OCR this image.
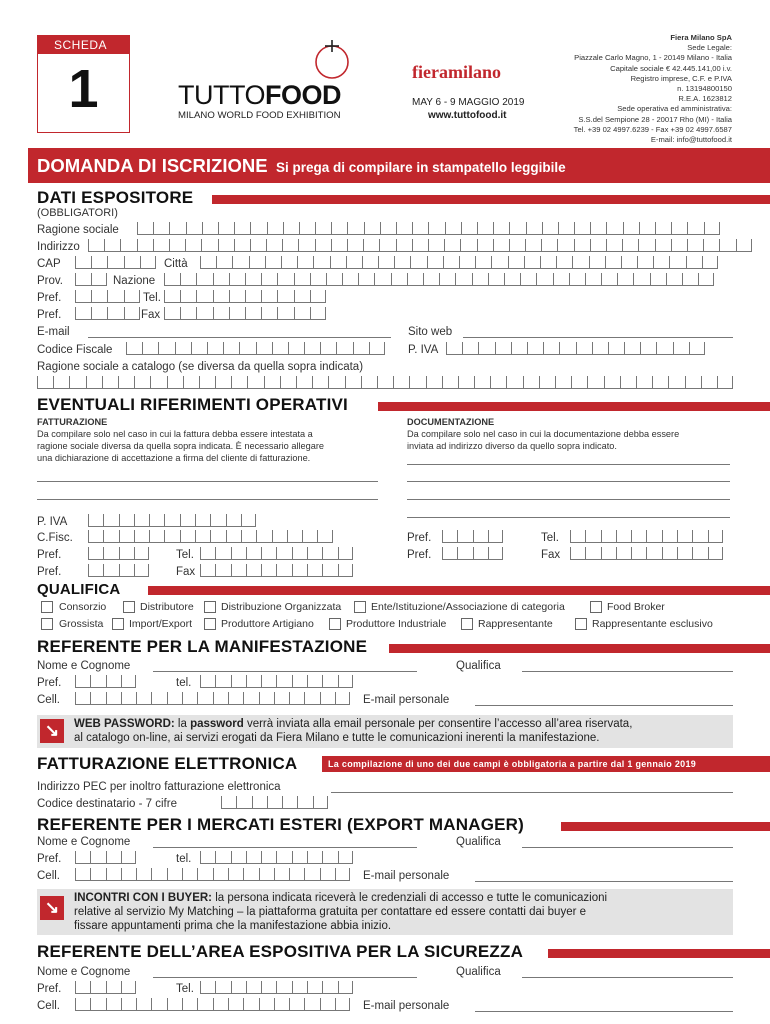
SCHEDA
1	TUTTOFOOD
MILANO WORLD FOOD EXHIBITION
fieramilano
MAY 6 - 9 MAGGIO 2019
www.tuttofood.it
Fiera Milano SpA
Sede Legale:
Piazzale Carlo Magno, 1 - 20149 Milano - Italia
Capitale sociale € 42.445.141,00 i.v.
Registro imprese, C.F. e P.IVA
n. 13194800150
R.E.A. 1623812
Sede operativa ed amministrativa:
S.S.del Sempione 28 - 20017 Rho (MI) - Italia
Tel. +39 02 4997.6239 - Fax +39 02 4997.6587
E-mail: info@tuttofood.it
DOMANDA DI ISCRIZIONE Si prega di compilare in stampatello leggibile
DATI ESPOSITORE
(OBBLIGATORI)
Ragione sociale
Indirizzo
CAP	Città
Prov.	Nazione
Pref.	Tel.
Pref.	Fax
E-mail	Sito web
Codice Fiscale	P. IVA
Ragione sociale a catalogo (se diversa da quella sopra indicata)
EVENTUALI RIFERIMENTI OPERATIVI
FATTURAZIONE
Da compilare solo nel caso in cui la fattura debba essere intestata a
ragione sociale diversa da quella sopra indicata. È necessario allegare
una dichiarazione di accettazione a firma del cliente di fatturazione.
DOCUMENTAZIONE
Da compilare solo nel caso in cui la documentazione debba essere
inviata ad indirizzo diverso da quello sopra indicato.
P. IVA
C.Fisc.
Pref.	Tel.
Pref.	Fax
Pref.	Tel.
Pref.	Fax
QUALIFICA
Consorzio	Distributore	Distribuzione Organizzata	Ente/Istituzione/Associazione di categoria	Food Broker
Grossista Import/Export	Produttore Artigiano	Produttore Industriale	Rappresentante	Rappresentante esclusivo
REFERENTE PER LA MANIFESTAZIONE
Nome e Cognome	Qualifica
Pref.	tel.
Cell.	E-mail personale
↘	WEB PASSWORD: la password verrà inviata alla email personale per consentire l’accesso all’area riservata,
al catalogo on-line, ai servizi erogati da Fiera Milano e tutte le comunicazioni inerenti la manifestazione.
FATTURAZIONE ELETTRONICA	La compilazione di uno dei due campi è obbligatoria a partire dal 1 gennaio 2019
Indirizzo PEC per inoltro fatturazione elettronica
Codice destinatario - 7 cifre
REFERENTE PER I MERCATI ESTERI (EXPORT MANAGER)
Nome e Cognome	Qualifica
Pref.	tel.
Cell.	E-mail personale
↘	INCONTRI CON I BUYER: la persona indicata riceverà le credenziali di accesso e tutte le comunicazioni
relative al servizio My Matching – la piattaforma gratuita per contattare ed essere contatti dai buyer e
fissare appuntamenti prima che la manifestazione abbia inizio.
REFERENTE DELL’AREA ESPOSITIVA PER LA SICUREZZA
Nome e Cognome	Qualifica
Pref.	Tel.
Cell.	E-mail personale
